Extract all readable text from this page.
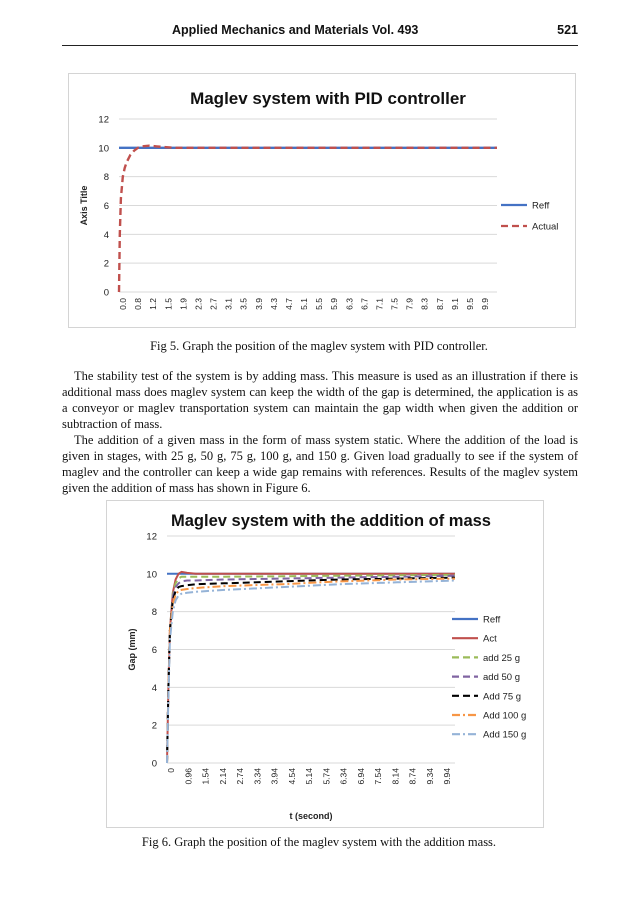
Applied Mechanics and Materials Vol. 493	521
Maglev system with PID controller
0
2
4
6
8
10
12
0.0 0.8 1.2 1.5 1.9 2.3 2.7 3.1 3.5 3.9 4.3 4.7 5.1 5.5 5.9 6.3 6.7 7.1 7.5 7.9 8.3 8.7 9.1 9.5 9.9
Axis Title	Reff
Actual
Fig 5. Graph the position of the maglev system with PID controller.

The stability test of the system is by adding mass. This measure is used as an illustration if there is additional mass does maglev system can keep the width of the gap is determined, the application is as a conveyor or maglev transportation system can maintain the gap width when given the addition or subtraction of mass.

The addition of a given mass in the form of mass system static. Where the addition of the load is given in stages, with 25 g, 50 g, 75 g, 100 g, and 150 g. Given load gradually to see if the system of maglev and the controller can keep a wide gap remains with references. Results of the maglev system given the addition of mass has shown in Figure 6.

Maglev system with the addition of mass
0
2
4
6
8
10
12
0 0.96 1.54 2.14 2.74 3.34 3.94 4.54 5.14 5.74 6.34 6.94 7.54 8.14 8.74 9.34 9.94
Gap (mm)
t (second)
Reff
Act
add 25 g
add 50 g
Add 75 g
Add 100 g
Add 150 g
Fig 6. Graph the position of the maglev system with the addition mass.
